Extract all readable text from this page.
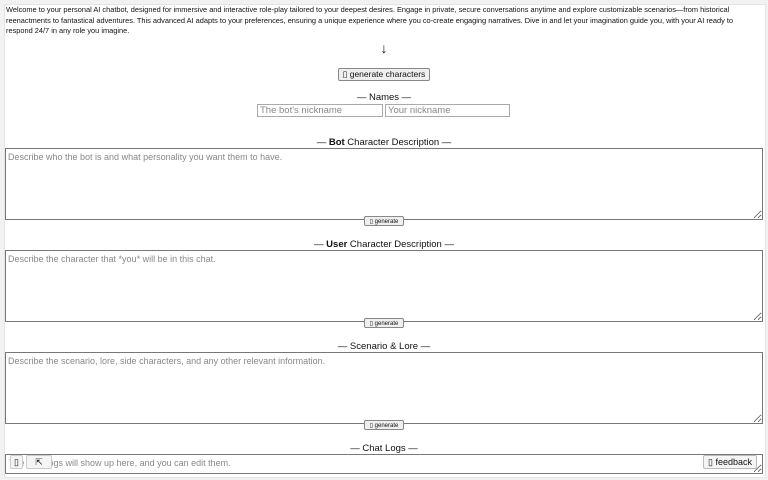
Welcome to your personal AI chatbot, designed for immersive and interactive role-play tailored to your deepest desires. Engage in private, secure conversations anytime and explore customizable scenarios—from historical reenactments to fantastical adventures. This advanced AI adapts to your preferences, ensuring a unique experience where you co-create engaging narratives. Dive in and let your imagination guide you, with your AI ready to respond 24/7 in any role you imagine.
↓
▯ generate characters
— Names —
The bot's nickname
Your nickname
— Bot Character Description —
Describe who the bot is and what personality you want them to have.
▯ generate
— User Character Description —
Describe the character that *you* will be in this chat.
▯ generate
— Scenario & Lore —
Describe the scenario, lore, side characters, and any other relevant information.
▯ generate
— Chat Logs —
The chat logs will show up here, and you can edit them.
▯	⇱	▯ feedback
